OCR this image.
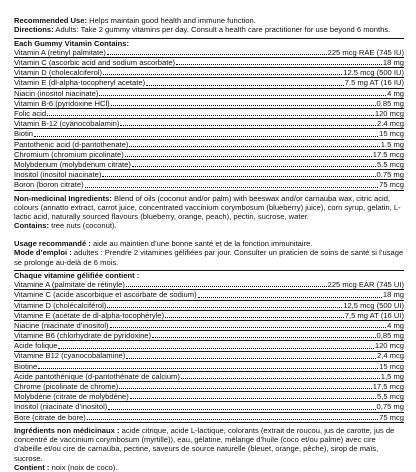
Recommended Use: Helps maintain good health and immune function.

Directions: Adults: Take 2 gummy vitamins per day. Consult a health care practitioner for use beyond 6 months.

Each Gummy Vitamin Contains:

Vitamin A (retinyl palmitate)	225 mcg RAE (745 IU)
Vitamin C (ascorbic acid and sodium ascorbate)	18 mg
Vitamin D (cholecalciferol)	12.5 mcg (500 IU)
Vitamin E (dl-alpha-tocopheryl acetate)	7.5 mg AT (16 IU)
Niacin (inositol niacinate)	4 mg
Vitamin B-6 (pyridoxine HCl)	0.85 mg
Folic acid	120 mcg
Vitamin B-12 (cyanocobalamin)	2.4 mcg
Biotin	15 mcg
Pantothenic acid (d-pantothenate)	1.5 mg
Chromium (chromium picolinate)	17.5 mcg
Molybdenum (molybdenum citrate)	5.5 mcg
Inositol (inositol niacinate)	0.75 mg
Boron (boron citrate)	75 mcg

Non-medicinal Ingredients: Blend of oils (coconut and/or palm) with beeswax and/or carnauba wax, citric acid, colours (annatto extract, carrot juice, concentrated vaccinium corymbosum (blueberry) juice), corn syrup, gelatin, L-lactic acid, naturally sourced flavours (blueberry, orange, peach), pectin, sucrose, water.

Contains: tree nuts (coconut).

Usage recommandé : aide au maintien d’une bonne santé et de la fonction immunitaire.

Mode d’emploi : adultes : Prendre 2 vitamines gélifiées par jour. Consulter un praticien de soins de santé si l’usage se prolonge au-delà de 6 mois.

Chaque vitamine gélifiée contient :

Vitamine A (palmitate de rétinyle)	225 mcg EAR (745 UI)
Vitamine C (acide ascorbique et ascorbate de sodium)	18 mg
Vitamine D (cholécalciférol)	12,5 mcg (500 UI)
Vitamine E (acétate de dl-alpha-tocophéryle)	7,5 mg AT (16 UI)
Niacine (niacinate d’inositol)	4 mg
Vitamine B6 (chlorhydrate de pyridoxine)	0,85 mg
Acide folique	120 mcg
Vitamine B12 (cyanocobalamine)	2,4 mcg
Biotine	15 mcg
Acide pantothénique (d-pantothénate de calcium)	1,5 mg
Chrome (picolinate de chrome)	17,5 mcg
Molybdène (citrate de molybdène)	5,5 mcg
Inositol (niacinate d’inositol)	0,75 mg
Bore (citrate de bore)	75 mcg

Ingrédients non médicinaux : acide citrique, acide L-lactique, colorants (extrait de roucou, jus de carotte, jus de concentré de vaccinium corymbosum (myrtille)), eau, gélatine, mélange d’huile (coco et/ou palme) avec cire d’abeille et/ou cire de carnauba, pectine, saveurs de source naturelle (bleuet, orange, pêche), sirop de maïs, sucrose.

Contient : noix (noix de coco).
